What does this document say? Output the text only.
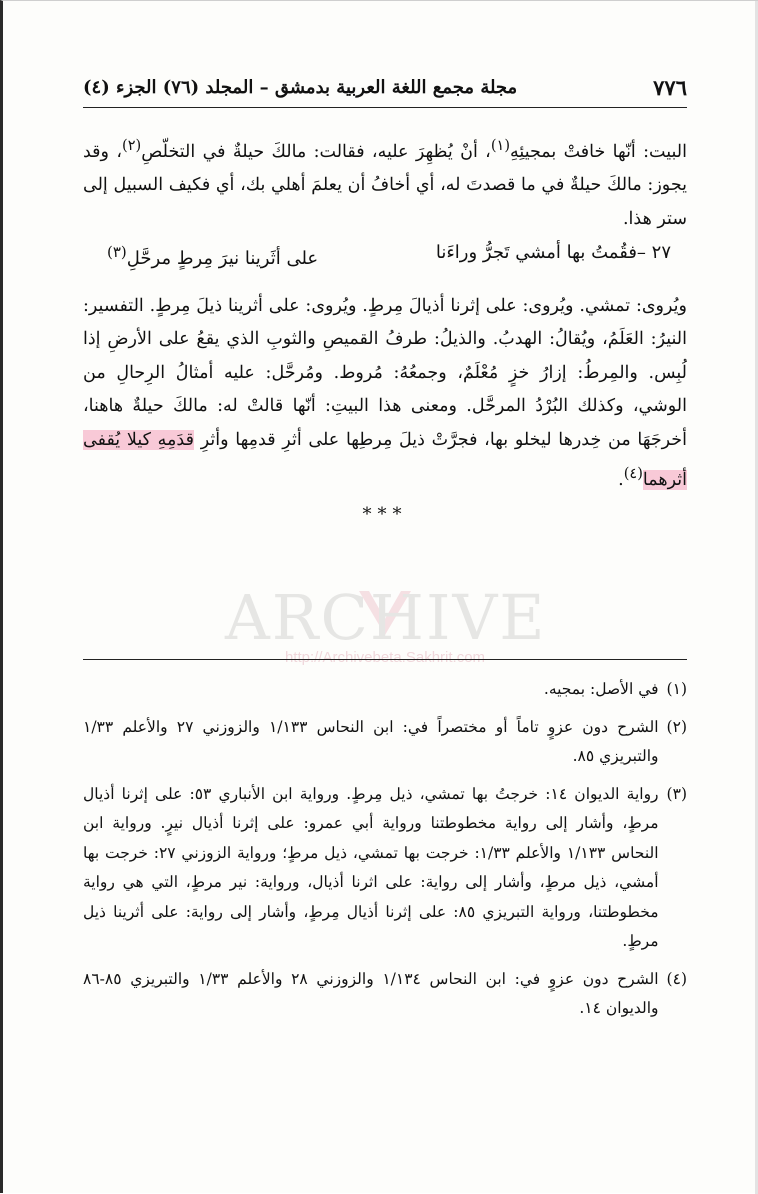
٧٧٦
مجلة مجمع اللغة العربية بدمشق – المجلد (٧٦) الجزء (٤)

البيت: أنّها خافتْ بمجيئِهِ$^{(١)}$، أنْ يُظهِرَ عليه، فقالت: مالكَ حيلةٌ في التخلّصِ$^{(٢)}$، وقد يجوز: مالكَ حيلةٌ في ما قصدتَ له، أي أخافُ أن يعلمَ أهلي بك، أي فكيف السبيل إلى ستر هذا.

٢٧ –فقُمتُ بها أمشي تَجرُّ وراءَنا
على أثَرينا نيرَ مِرطٍ مرحَّلِ$^{(٣)}$

ويُروى: تمشي. ويُروى: على إثرنا أذيالَ مِرطٍ. ويُروى: على أثرينا ذيلَ مِرطٍ. التفسير: النيرُ: العَلَمُ، ويُقالُ: الهدبُ. والذيلُ: طرفُ القميصِ والثوبِ الذي يقعُ على الأرضِ إذا لُبِس. والمِرطُ: إزارُ خزٍ مُعْلَمٌ، وجمعُهُ: مُروط. ومُرحَّل: عليه أمثالُ الرِحالِ من الوشي، وكذلك البُرْدُ المرحَّل. ومعنى هذا البيتِ: أنّها قالتْ له: مالكَ حيلةٌ هاهنا، أخرجَهَا من خِدرها ليخلو بها، فجرَّتْ ذيلَ مِرطِها على أثرِ قدمِها وأثرِ قدَمِهِ كيلا يُقفى أثرهما$^{(٤)}$.

***

ARCHIVE
http://Archivebeta.Sakhrit.com
(١)
في الأصل: بمجيه.
(٢)
الشرح دون عزوٍ تاماً أو مختصراً في: ابن النحاس ١/١٣٣ والزوزني ٢٧ والأعلم ١/٣٣ والتبريزي ٨٥.
(٣)
رواية الديوان ١٤: خرجتُ بها تمشي، ذيل مِرطٍ. ورواية ابن الأنباري ٥٣: على إثرنا أذيال مرطٍ، وأشار إلى رواية مخطوطتنا ورواية أبي عمرو: على إثرنا أذيال نيرٍ. ورواية ابن النحاس ١/١٣٣ والأعلم ١/٣٣: خرجت بها تمشي، ذيل مرطٍ؛ ورواية الزوزني ٢٧: خرجت بها أمشي، ذيل مرطٍ، وأشار إلى رواية: على اثرنا أذيال، ورواية: نير مرطٍ، التي هي رواية مخطوطتنا، ورواية التبريزي ٨٥: على إثرنا أذيال مِرطٍ، وأشار إلى رواية: على أثرينا ذيل مرطٍ.
(٤)
الشرح دون عزوٍ في: ابن النحاس ١/١٣٤ والزوزني ٢٨ والأعلم ١/٣٣ والتبريزي ٨٥-٨٦ والديوان ١٤.
